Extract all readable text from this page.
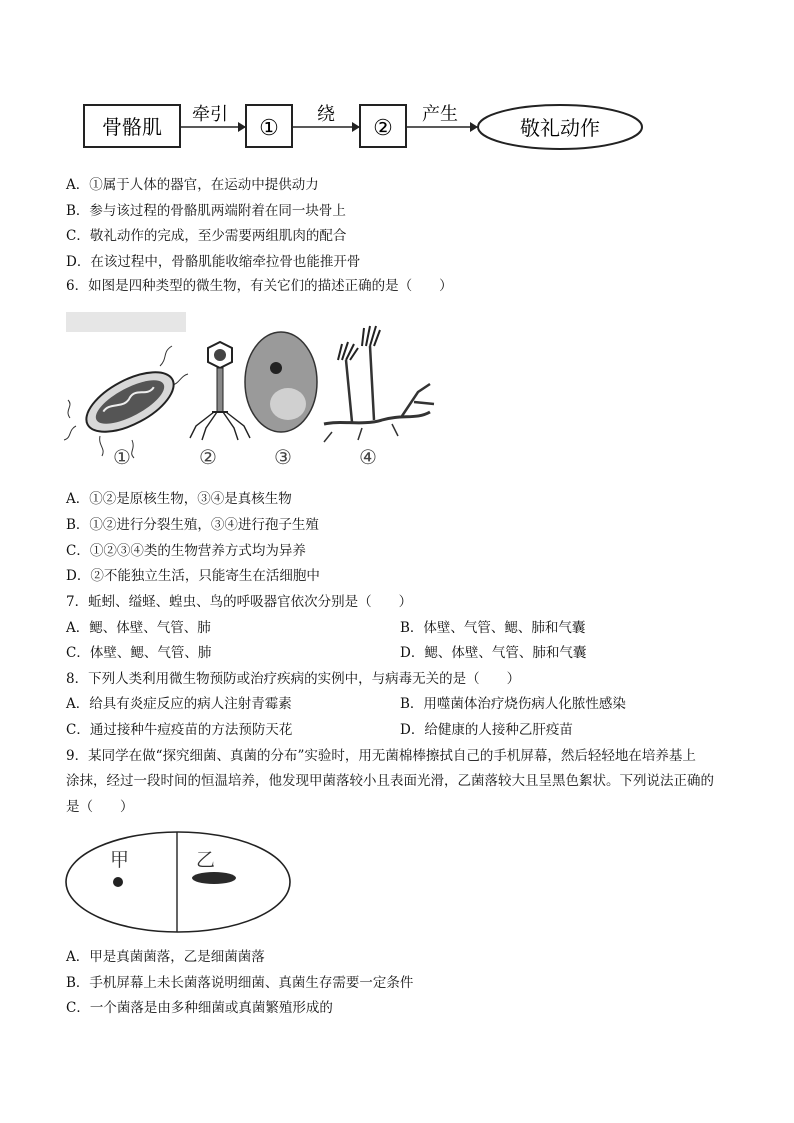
骨骼肌
牵引
①
绕
②
产生
敬礼动作
A．①属于人体的器官，在运动中提供动力
B．参与该过程的骨骼肌两端附着在同一块骨上
C．敬礼动作的完成，至少需要两组肌肉的配合
D．在该过程中，骨骼肌能收缩牵拉骨也能推开骨
6．如图是四种类型的微生物，有关它们的描述正确的是（　　）
①	②	③	④
A．①②是原核生物，③④是真核生物
B．①②进行分裂生殖，③④进行孢子生殖
C．①②③④类的生物营养方式均为异养
D．②不能独立生活，只能寄生在活细胞中
7．蚯蚓、缢蛏、蝗虫、鸟的呼吸器官依次分别是（　　）
A．鳃、体壁、气管、肺	B．体壁、气管、鳃、肺和气囊
C．体壁、鳃、气管、肺	D．鳃、体壁、气管、肺和气囊
8．下列人类利用微生物预防或治疗疾病的实例中，与病毒无关的是（　　）
A．给具有炎症反应的病人注射青霉素	B．用噬菌体治疗烧伤病人化脓性感染
C．通过接种牛痘疫苗的方法预防天花	D．给健康的人接种乙肝疫苗
9．某同学在做“探究细菌、真菌的分布”实验时，用无菌棉棒擦拭自己的手机屏幕，然后轻轻地在培养基上
涂抹，经过一段时间的恒温培养，他发现甲菌落较小且表面光滑，乙菌落较大且呈黑色絮状。下列说法正确的
是（　　）
甲	乙
A．甲是真菌菌落，乙是细菌菌落
B．手机屏幕上未长菌落说明细菌、真菌生存需要一定条件
C．一个菌落是由多种细菌或真菌繁殖形成的
